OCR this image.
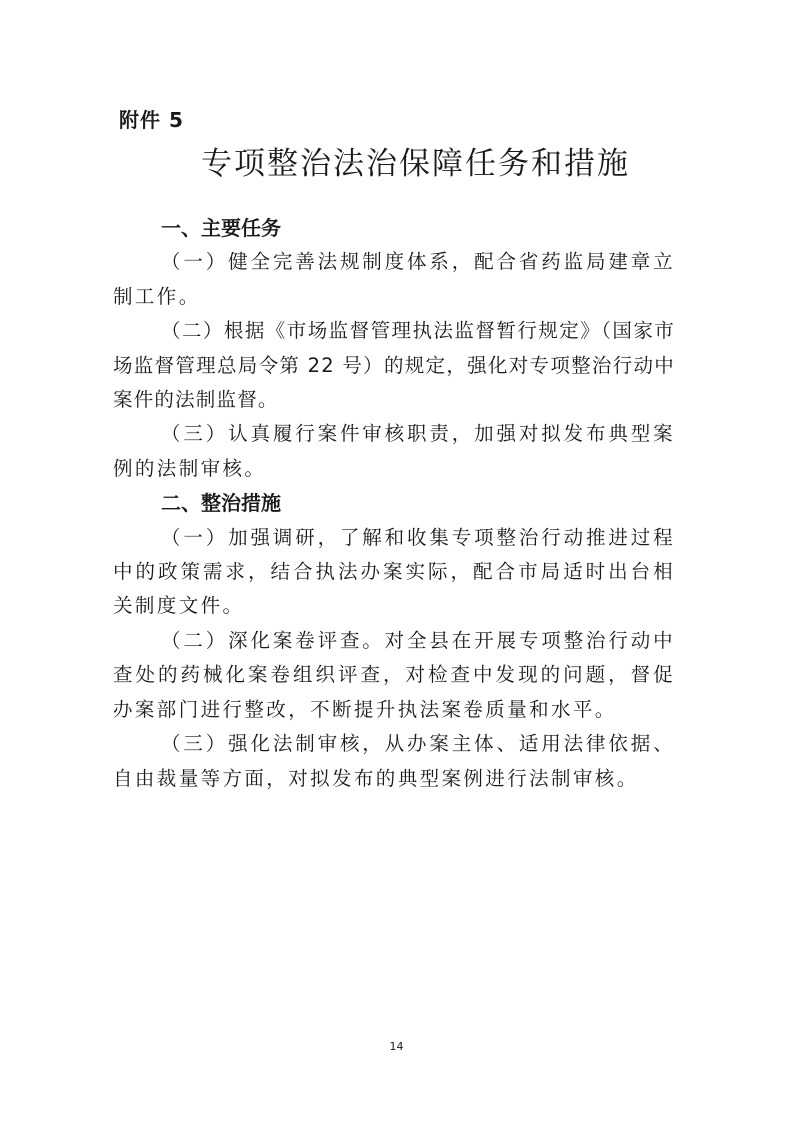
附件 5
专项整治法治保障任务和措施

一、主要任务

（一）健全完善法规制度体系，配合省药监局建章立制工作。

（二）根据《市场监督管理执法监督暂行规定》（国家市场监督管理总局令第 22 号）的规定，强化对专项整治行动中案件的法制监督。

（三）认真履行案件审核职责，加强对拟发布典型案例的法制审核。

二、整治措施

（一）加强调研，了解和收集专项整治行动推进过程中的政策需求，结合执法办案实际，配合市局适时出台相关制度文件。

（二）深化案卷评查。对全县在开展专项整治行动中查处的药械化案卷组织评查，对检查中发现的问题，督促办案部门进行整改，不断提升执法案卷质量和水平。

（三）强化法制审核，从办案主体、适用法律依据、自由裁量等方面，对拟发布的典型案例进行法制审核。

14
